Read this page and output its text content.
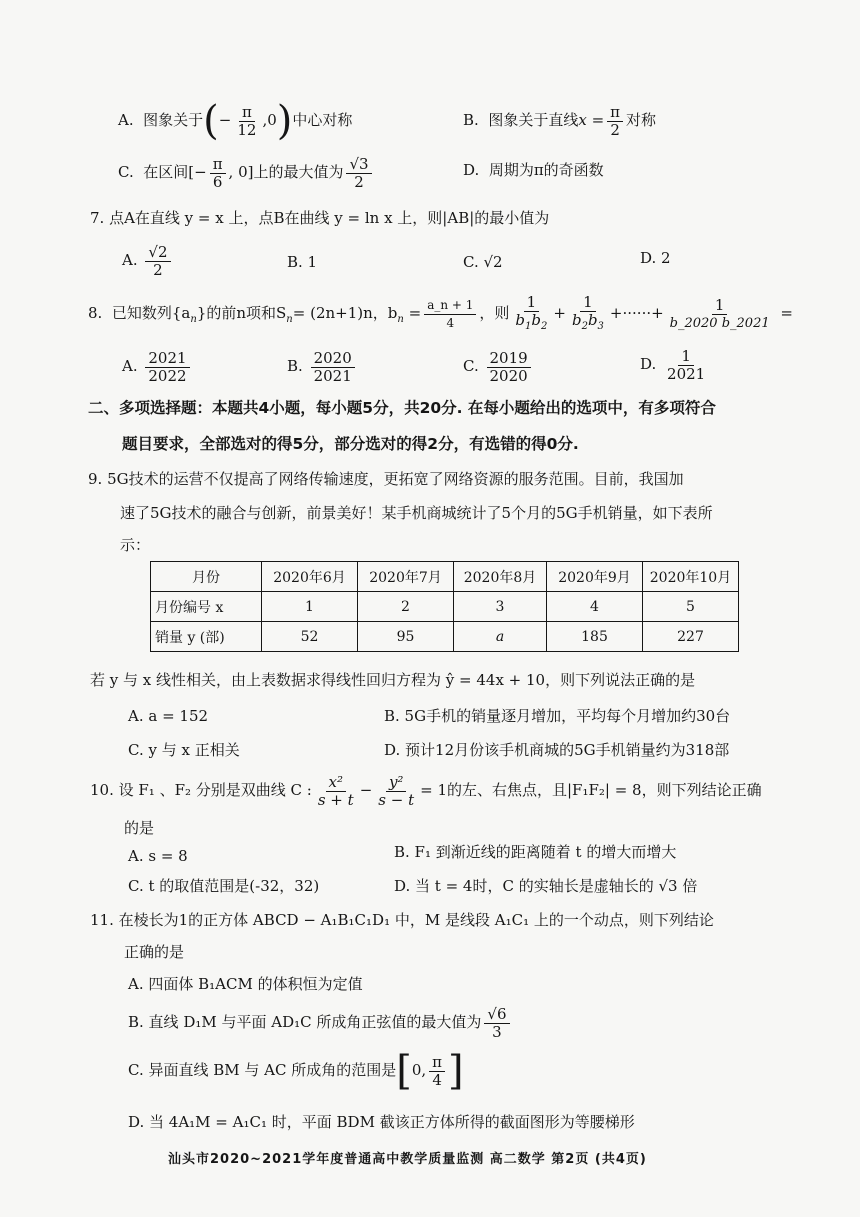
A. 图象关于(− $\frac{\pi}{12} ,0$)中心对称	B. 图象关于直线$x = \frac{\pi}{2}$ 对称
C. 在区间[− $\frac{\pi}{6}$ , 0]上的最大值为 $\frac{√3}{2}$	D. 周期为π的奇函数
7. 点A在直线 y = x 上，点B在曲线 y = ln x 上，则|AB|的最小值为
A. $\frac{√2}{2}$	B. 1	C. √2	D. 2
8. 已知数列$\{a_n\}$的前n项和$S_n= (2n+1)n$，$b_n = \frac{a\_n + 1}{4}$ ，则 $\frac{1}{b_1b_2} + \frac{1}{b_2b_3}$ +······+ $\frac{1}{b\_2020 b\_2021}$ =
A. $\frac{2021}{2022}$	B. $\frac{2020}{2021}$	C. $\frac{2019}{2020}$	D. $\frac{1}{2021}$
二、多项选择题：本题共4小题，每小题5分，共20分. 在每小题给出的选项中，有多项符合
题目要求，全部选对的得5分，部分选对的得2分，有选错的得0分.
9. 5G技术的运营不仅提高了网络传输速度，更拓宽了网络资源的服务范围。目前，我国加
速了5G技术的融合与创新，前景美好！某手机商城统计了5个月的5G手机销量，如下表所
示：
月份	2020年6月	2020年7月	2020年8月	2020年9月	2020年10月
月份编号 x	1	2	3	4	5
销量 y (部)	52	95	a	185	227
若 y 与 x 线性相关，由上表数据求得线性回归方程为 ŷ = 44x + 10，则下列说法正确的是
A. a = 152	B. 5G手机的销量逐月增加，平均每个月增加约30台
C. y 与 x 正相关	D. 预计12月份该手机商城的5G手机销量约为318部
10. 设 F₁ 、F₂ 分别是双曲线 C : $\frac{\text{x²}}{s + t} - \frac{\text{y²}}{s - t} = 1$的左、右焦点，且|F₁F₂| = 8，则下列结论正确
的是
A. s = 8	B. F₁ 到渐近线的距离随着 t 的增大而增大
C. t 的取值范围是(-32，32)	D. 当 t = 4时，C 的实轴长是虚轴长的 √3 倍
11. 在棱长为1的正方体 ABCD − A₁B₁C₁D₁ 中，M 是线段 A₁C₁ 上的一个动点，则下列结论
正确的是
A. 四面体 B₁ACM 的体积恒为定值
B. 直线 D₁M 与平面 AD₁C 所成角正弦值的最大值为 $\frac{√6}{3}$
C. 异面直线 BM 与 AC 所成角的范围是[0, $\frac{\pi}{4}$ ]
D. 当 4A₁M = A₁C₁ 时，平面 BDM 截该正方体所得的截面图形为等腰梯形
汕头市2020~2021学年度普通高中教学质量监测 高二数学 第2页 (共4页)
